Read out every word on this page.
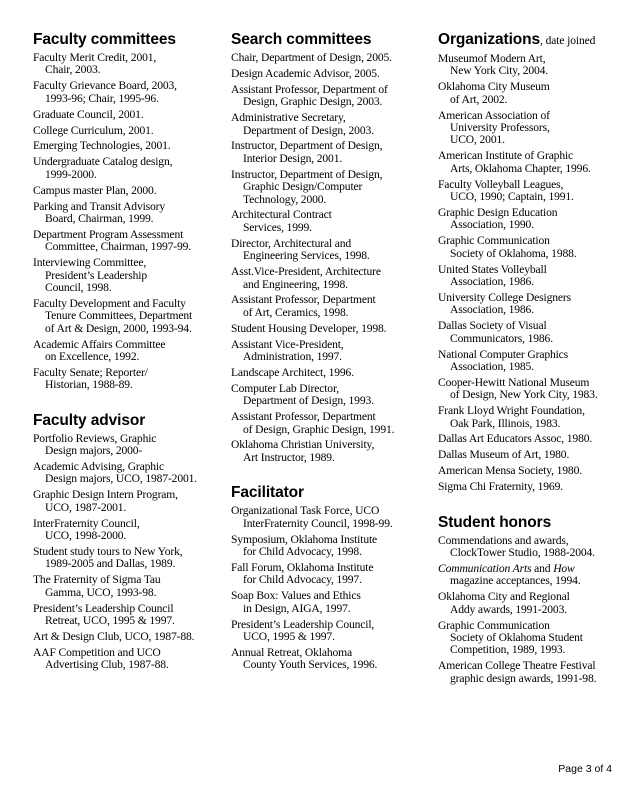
Faculty committees
Faculty Merit Credit, 2001,
Chair, 2003.
Faculty Grievance Board, 2003,
1993-96; Chair, 1995-96.
Graduate Council, 2001.
College Curriculum, 2001.
Emerging Technologies, 2001.
Undergraduate Catalog design,
1999-2000.
Campus master Plan, 2000.
Parking and Transit Advisory
Board, Chairman, 1999.
Department Program Assessment
Committee, Chairman, 1997-99.
Interviewing Committee,
President’s Leadership
Council, 1998.
Faculty Development and Faculty
Tenure Committees, Department
of Art & Design, 2000, 1993-94.
Academic Affairs Committee
on Excellence, 1992.
Faculty Senate; Reporter/
Historian, 1988-89.
Faculty advisor
Portfolio Reviews, Graphic
Design majors, 2000-
Academic Advising, Graphic
Design majors, UCO, 1987-2001.
Graphic Design Intern Program,
UCO, 1987-2001.
InterFraternity Council,
UCO, 1998-2000.
Student study tours to New York,
1989-2005 and Dallas, 1989.
The Fraternity of Sigma Tau
Gamma, UCO, 1993-98.
President’s Leadership Council
Retreat, UCO, 1995 & 1997.
Art & Design Club, UCO, 1987-88.
AAF Competition and UCO
Advertising Club, 1987-88.
Search committees
Chair, Department of Design, 2005.
Design Academic Advisor, 2005.
Assistant Professor, Department of
Design, Graphic Design, 2003.
Administrative Secretary,
Department of Design, 2003.
Instructor, Department of Design,
Interior Design, 2001.
Instructor, Department of Design,
Graphic Design/Computer
Technology, 2000.
Architectural Contract
Services, 1999.
Director, Architectural and
Engineering Services, 1998.
Asst.Vice-President, Architecture
and Engineering, 1998.
Assistant Professor, Department
of Art, Ceramics, 1998.
Student Housing Developer, 1998.
Assistant Vice-President,
Administration, 1997.
Landscape Architect, 1996.
Computer Lab Director,
Department of Design, 1993.
Assistant Professor, Department
of Design, Graphic Design, 1991.
Oklahoma Christian University,
Art Instructor, 1989.
Facilitator
Organizational Task Force, UCO
InterFraternity Council, 1998-99.
Symposium, Oklahoma Institute
for Child Advocacy, 1998.
Fall Forum, Oklahoma Institute
for Child Advocacy, 1997.
Soap Box: Values and Ethics
in Design, AIGA, 1997.
President’s Leadership Council,
UCO, 1995 & 1997.
Annual Retreat, Oklahoma
County Youth Services, 1996.
Organizations, date joined
Museumof Modern Art,
New York City, 2004.
Oklahoma City Museum
of Art, 2002.
American Association of
University Professors,
UCO, 2001.
American Institute of Graphic
Arts, Oklahoma Chapter, 1996.
Faculty Volleyball Leagues,
UCO, 1990; Captain, 1991.
Graphic Design Education
Association, 1990.
Graphic Communication
Society of Oklahoma, 1988.
United States Volleyball
Association, 1986.
University College Designers
Association, 1986.
Dallas Society of Visual
Communicators, 1986.
National Computer Graphics
Association, 1985.
Cooper-Hewitt National Museum
of Design, New York City, 1983.
Frank Lloyd Wright Foundation,
Oak Park, Illinois, 1983.
Dallas Art Educators Assoc, 1980.
Dallas Museum of Art, 1980.
American Mensa Society, 1980.
Sigma Chi Fraternity, 1969.
Student honors
Commendations and awards,
ClockTower Studio, 1988-2004.
Communication Arts and How
magazine acceptances, 1994.
Oklahoma City and Regional
Addy awards, 1991-2003.
Graphic Communication
Society of Oklahoma Student
Competition, 1989, 1993.
American College Theatre Festival
graphic design awards, 1991-98.
Page 3 of 4
